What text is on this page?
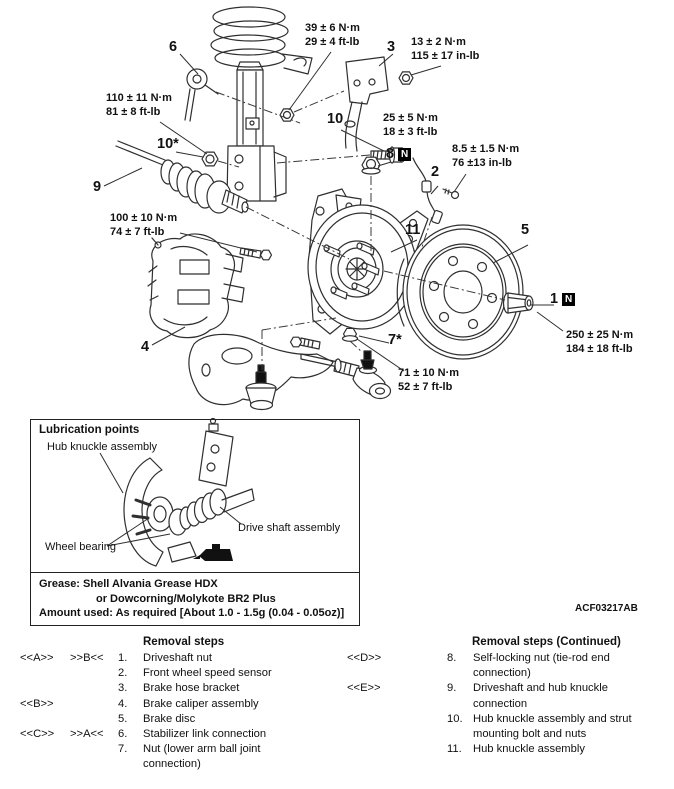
39 ± 6 N·m
29 ± 4 ft-lb	13 ± 2 N·m
115 ± 17 in-lb
110 ± 11 N·m
81 ± 8 ft-lb
25 ± 5 N·m
18 ± 3 ft-lb
8.5 ± 1.5 N·m
76 ±13 in-lb
100 ± 10 N·m
74 ± 7 ft-lb
250 ± 25 N·m
184 ± 18 ft-lb
71 ± 10 N·m
52 ± 7 ft-lb
6	3
10
10*
8 N
2
9
11	5
1 N
4	7*
Lubrication points
Hub knuckle assembly
Drive shaft assembly
Wheel bearing
Grease: Shell Alvania Grease HDX
or Dowcorning/Molykote BR2 Plus
Amount used: As required [About 1.0 - 1.5g (0.04 - 0.05oz)]	ACF03217AB
Removal steps
<<A>>	>>B<<	1.	Driveshaft nut
2.	Front wheel speed sensor
3.	Brake hose bracket
<<B>>	4.	Brake caliper assembly
5.	Brake disc
<<C>>	>>A<<	6.	Stabilizer link connection
7.	Nut (lower arm ball joint connection)
Removal steps (Continued)
<<D>>	8.	Self-locking nut (tie-rod end connection)
<<E>>	9.	Driveshaft and hub knuckle connection
10. Hub knuckle assembly and strut mounting bolt and nuts
11.	Hub knuckle assembly
